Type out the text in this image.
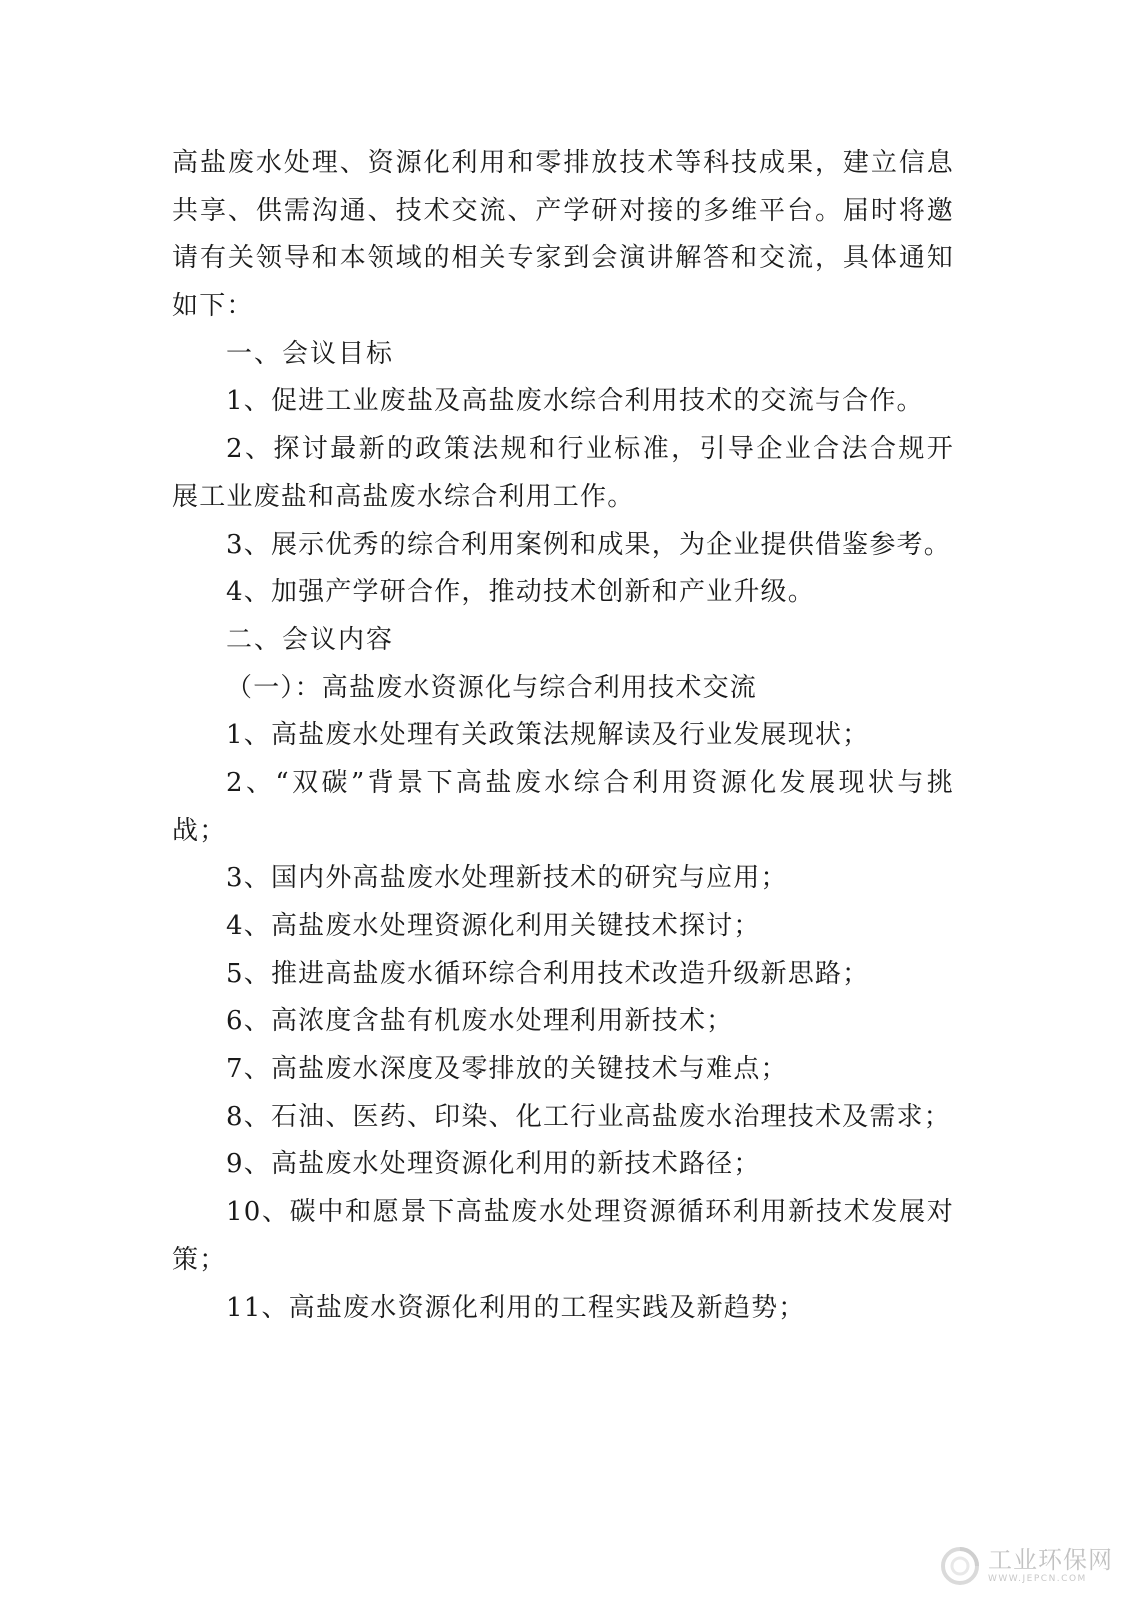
高盐废水处理、资源化利用和零排放技术等科技成果，建立信息
共享、供需沟通、技术交流、产学研对接的多维平台。届时将邀
请有关领导和本领域的相关专家到会演讲解答和交流，具体通知
如下：
一、会议目标
1、促进工业废盐及高盐废水综合利用技术的交流与合作。
2、探讨最新的政策法规和行业标准，引导企业合法合规开
展工业废盐和高盐废水综合利用工作。
3、展示优秀的综合利用案例和成果，为企业提供借鉴参考。
4、加强产学研合作，推动技术创新和产业升级。
二、会议内容
（一）：高盐废水资源化与综合利用技术交流
1、高盐废水处理有关政策法规解读及行业发展现状；
2、“双碳”背景下高盐废水综合利用资源化发展现状与挑
战；
3、国内外高盐废水处理新技术的研究与应用；
4、高盐废水处理资源化利用关键技术探讨；
5、推进高盐废水循环综合利用技术改造升级新思路；
6、高浓度含盐有机废水处理利用新技术；
7、高盐废水深度及零排放的关键技术与难点；
8、石油、医药、印染、化工行业高盐废水治理技术及需求；
9、高盐废水处理资源化利用的新技术路径；
10、碳中和愿景下高盐废水处理资源循环利用新技术发展对
策；
11、高盐废水资源化利用的工程实践及新趋势；
工业环保网
WWW.JEPCN.COM
